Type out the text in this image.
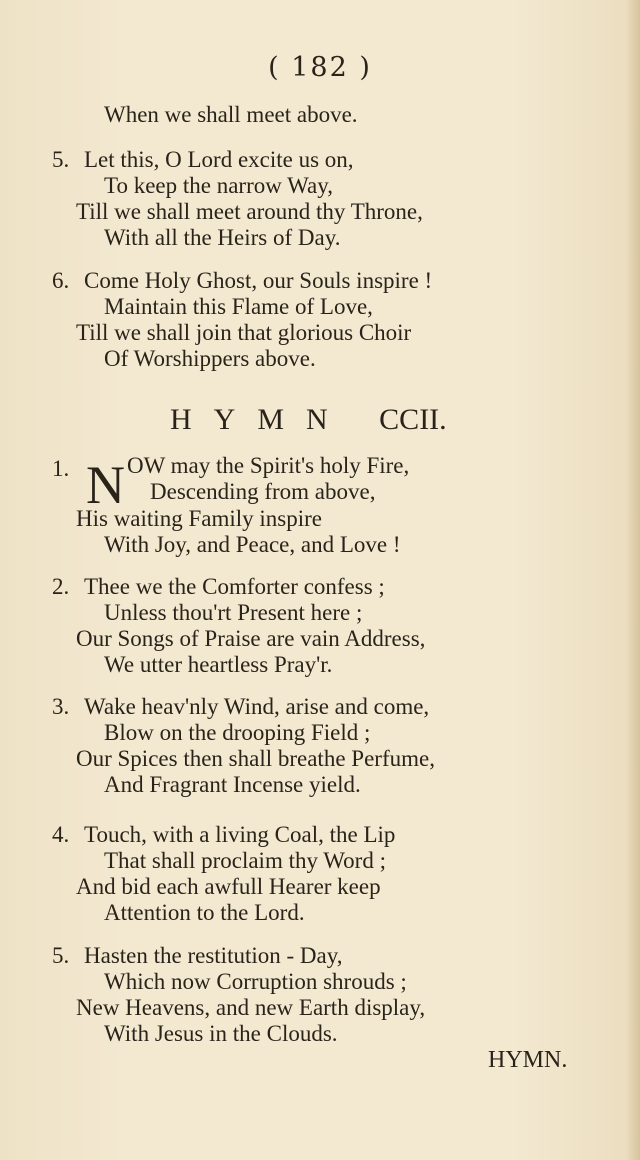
( 182 )
When we shall meet above.
5. Let this, O Lord excite us on,
To keep the narrow Way,
Till we shall meet around thy Throne,
With all the Heirs of Day.
6. Come Holy Ghost, our Souls inspire !
Maintain this Flame of Love,
Till we shall join that glorious Choir
Of Worshippers above.
HYMN CCII.
1. N OW may the Spirit's holy Fire,
Descending from above,
His waiting Family inspire
With Joy, and Peace, and Love !
2. Thee we the Comforter confess ;
Unless thou'rt Present here ;
Our Songs of Praise are vain Address,
We utter heartless Pray'r.
3. Wake heav'nly Wind, arise and come,
Blow on the drooping Field ;
Our Spices then shall breathe Perfume,
And Fragrant Incense yield.
4. Touch, with a living Coal, the Lip
That shall proclaim thy Word ;
And bid each awfull Hearer keep
Attention to the Lord.
5. Hasten the restitution - Day,
Which now Corruption shrouds ;
New Heavens, and new Earth display,
With Jesus in the Clouds.
HYMN.
